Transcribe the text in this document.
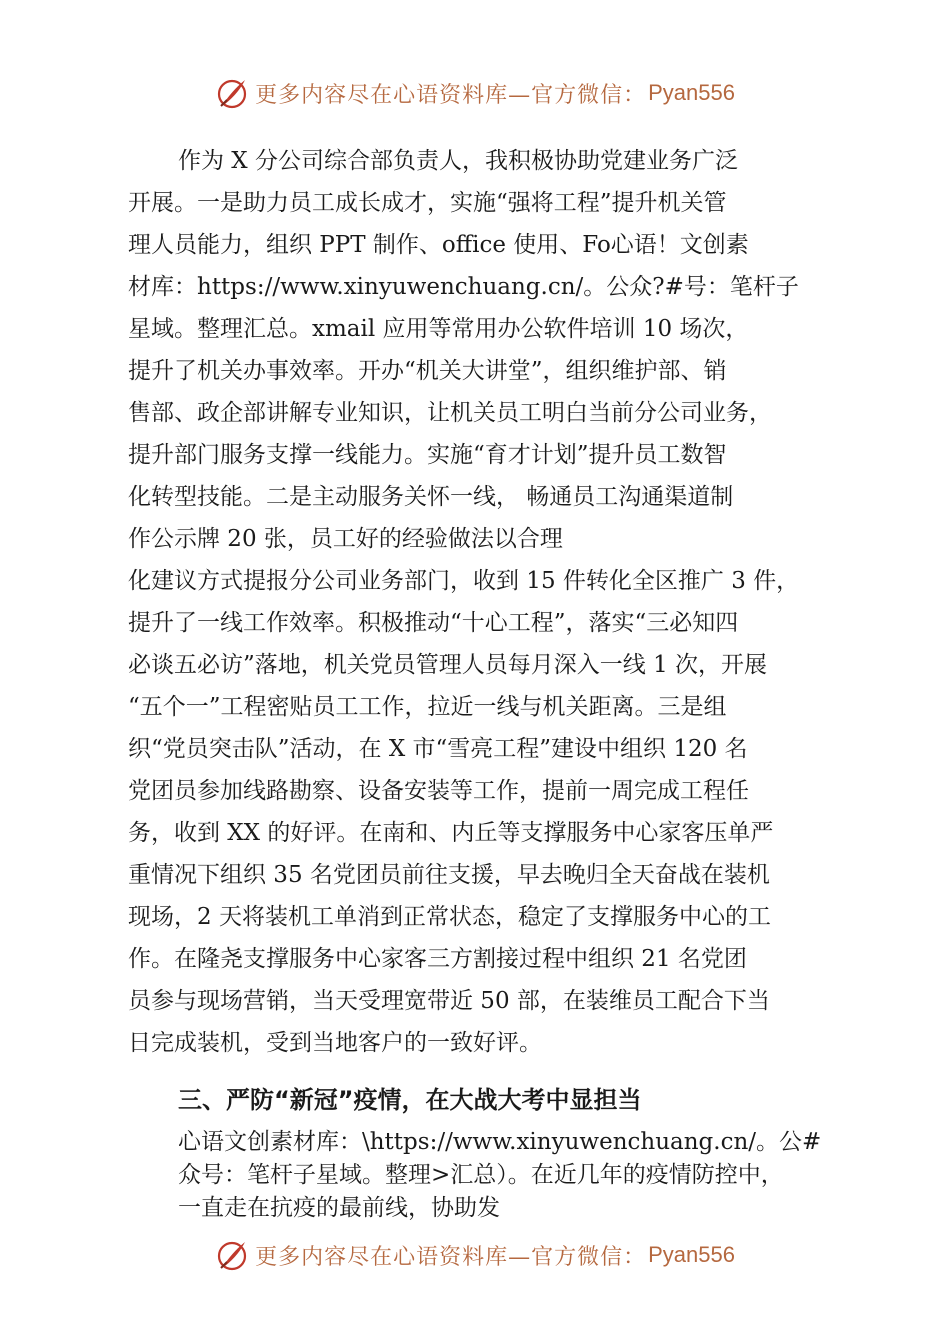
更多内容尽在心语资料库—官方微信： Pyan556
作为 X 分公司综合部负责人，我积极协助党建业务广泛
开展。一是助力员工成长成才，实施“强将工程”提升机关管
理人员能力，组织 PPT 制作、office 使用、Fo心语！文创素
材库：https://www.xinyuwenchuang.cn/。公众?#号：笔杆子
星域。整理汇总。xmail 应用等常用办公软件培训 10 场次，
提升了机关办事效率。开办“机关大讲堂”，组织维护部、销
售部、政企部讲解专业知识，让机关员工明白当前分公司业务，
提升部门服务支撑一线能力。实施“育才计划”提升员工数智
化转型技能。二是主动服务关怀一线， 畅通员工沟通渠道制
作公示牌 20 张，员工好的经验做法以合理
化建议方式提报分公司业务部门，收到 15 件转化全区推广 3 件，
提升了一线工作效率。积极推动“十心工程”，落实“三必知四
必谈五必访”落地，机关党员管理人员每月深入一线 1 次，开展
“五个一”工程密贴员工工作，拉近一线与机关距离。三是组
织“党员突击队”活动，在 X 市“雪亮工程”建设中组织 120 名
党团员参加线路勘察、设备安装等工作，提前一周完成工程任
务，收到 XX 的好评。在南和、内丘等支撑服务中心家客压单严
重情况下组织 35 名党团员前往支援，早去晚归全天奋战在装机
现场，2 天将装机工单消到正常状态，稳定了支撑服务中心的工
作。在隆尧支撑服务中心家客三方割接过程中组织 21 名党团
员参与现场营销，当天受理宽带近 50 部，在装维员工配合下当
日完成装机，受到当地客户的一致好评。
三、严防“新冠”疫情，在大战大考中显担当
心语文创素材库：\https://www.xinyuwenchuang.cn/。公#
众号：笔杆子星域。整理>汇总）。在近几年的疫情防控中，
一直走在抗疫的最前线，协助发
更多内容尽在心语资料库—官方微信： Pyan556
